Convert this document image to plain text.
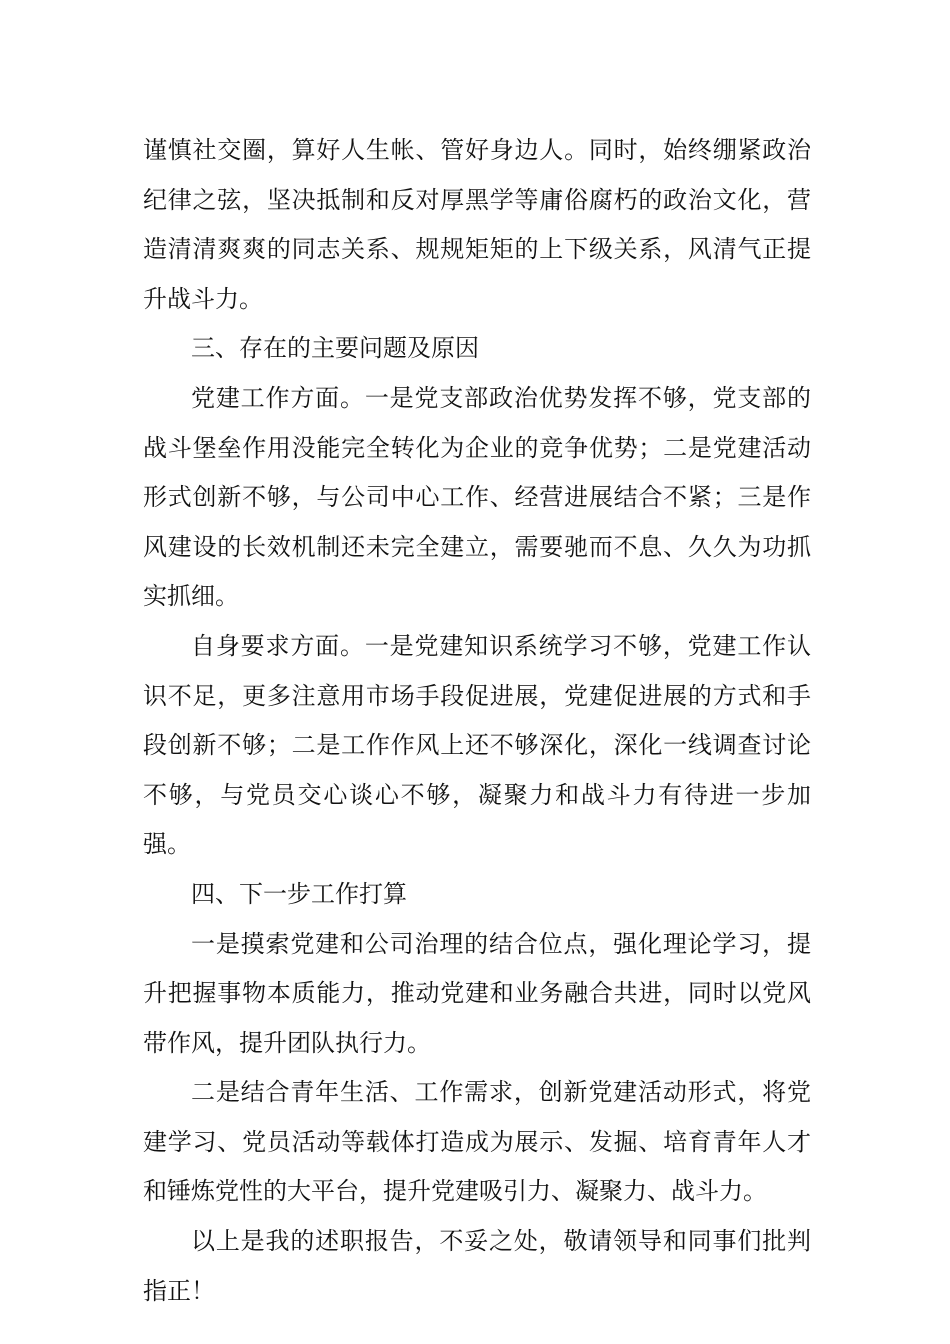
谨慎社交圈，算好人生帐、管好身边人。同时，始终绷紧政治纪律之弦，坚决抵制和反对厚黑学等庸俗腐朽的政治文化，营造清清爽爽的同志关系、规规矩矩的上下级关系，风清气正提升战斗力。

三、存在的主要问题及原因

党建工作方面。一是党支部政治优势发挥不够，党支部的战斗堡垒作用没能完全转化为企业的竞争优势；二是党建活动形式创新不够，与公司中心工作、经营进展结合不紧；三是作风建设的长效机制还未完全建立，需要驰而不息、久久为功抓实抓细。

自身要求方面。一是党建知识系统学习不够，党建工作认识不足，更多注意用市场手段促进展，党建促进展的方式和手段创新不够；二是工作作风上还不够深化，深化一线调查讨论不够，与党员交心谈心不够，凝聚力和战斗力有待进一步加强。

四、下一步工作打算

一是摸索党建和公司治理的结合位点，强化理论学习，提升把握事物本质能力，推动党建和业务融合共进，同时以党风带作风，提升团队执行力。

二是结合青年生活、工作需求，创新党建活动形式，将党建学习、党员活动等载体打造成为展示、发掘、培育青年人才和锤炼党性的大平台，提升党建吸引力、凝聚力、战斗力。

以上是我的述职报告，不妥之处，敬请领导和同事们批判指正！
